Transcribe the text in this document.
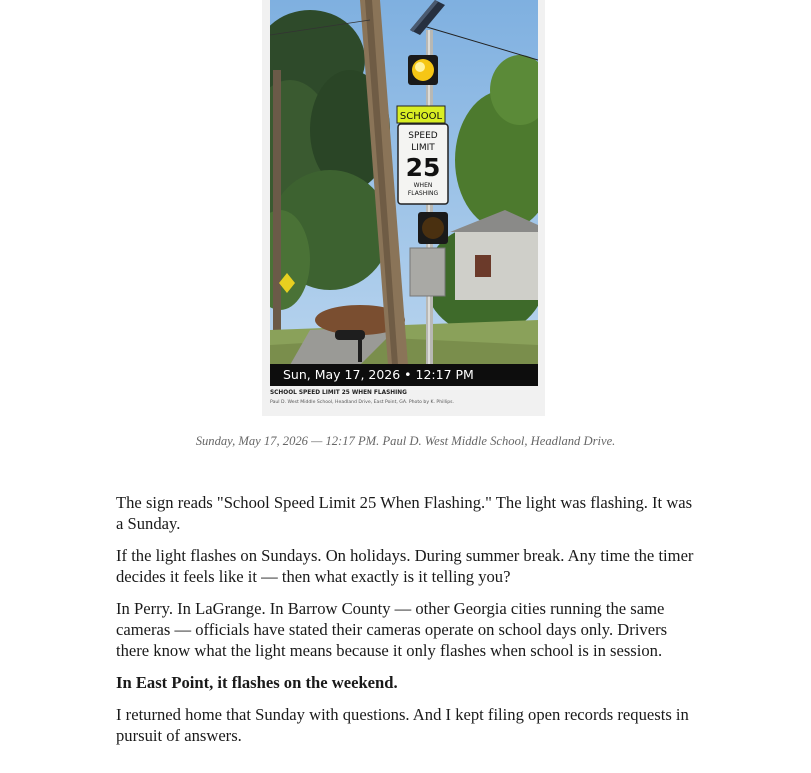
SCHOOL
SPEED
LIMIT
25
WHEN
FLASHING
Sun, May 17, 2026 • 12:17 PM
SCHOOL SPEED LIMIT 25 WHEN FLASHING
Paul D. West Middle School, Headland Drive, East Point, GA. Photo by K. Phillips.
Sunday, May 17, 2026 — 12:17 PM. Paul D. West Middle School, Headland Drive.

The sign reads "School Speed Limit 25 When Flashing." The light was flashing. It was a Sunday.

If the light flashes on Sundays. On holidays. During summer break. Any time the timer decides it feels like it — then what exactly is it telling you?

In Perry. In LaGrange. In Barrow County — other Georgia cities running the same cameras — officials have stated their cameras operate on school days only. Drivers there know what the light means because it only flashes when school is in session.

In East Point, it flashes on the weekend.

I returned home that Sunday with questions. And I kept filing open records requests in pursuit of answers.
